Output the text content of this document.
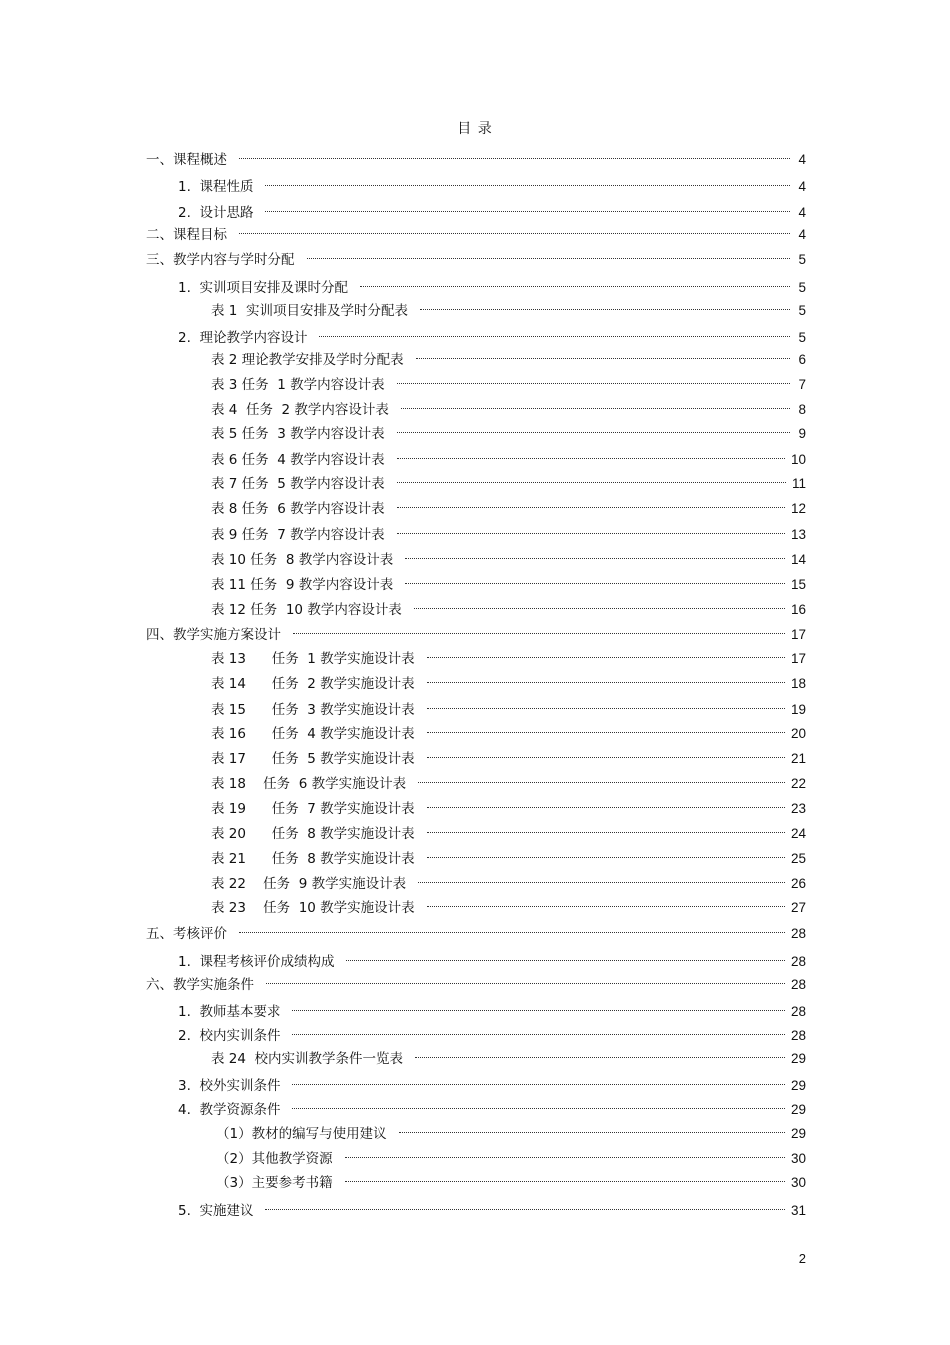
目 录
一、课程概述	4
1.  课程性质	4
2.  设计思路	4
二、课程目标	4
三、教学内容与学时分配	5
1.  实训项目安排及课时分配	5
表 1  实训项目安排及学时分配表	5
2.  理论教学内容设计	5
表 2 理论教学安排及学时分配表	6
表 3 任务  1 教学内容设计表	7
表 4  任务  2 教学内容设计表	8
表 5 任务  3 教学内容设计表	9
表 6 任务  4 教学内容设计表	10
表 7 任务  5 教学内容设计表	11
表 8 任务  6 教学内容设计表	12
表 9 任务  7 教学内容设计表	13
表 10 任务  8 教学内容设计表	14
表 11 任务  9 教学内容设计表	15
表 12 任务  10 教学内容设计表	16
四、教学实施方案设计	17
表 13      任务  1 教学实施设计表	17
表 14      任务  2 教学实施设计表	18
表 15      任务  3 教学实施设计表	19
表 16      任务  4 教学实施设计表	20
表 17      任务  5 教学实施设计表	21
表 18    任务  6 教学实施设计表	22
表 19      任务  7 教学实施设计表	23
表 20      任务  8 教学实施设计表	24
表 21      任务  8 教学实施设计表	25
表 22    任务  9 教学实施设计表	26
表 23    任务  10 教学实施设计表	27
五、考核评价	28
1.  课程考核评价成绩构成	28
六、教学实施条件	28
1.  教师基本要求	28
2.  校内实训条件	28
表 24  校内实训教学条件一览表	29
3.  校外实训条件	29
4.  教学资源条件	29
（1）教材的编写与使用建议	29
（2）其他教学资源	30
（3）主要参考书籍	30
5.  实施建议	31
2
